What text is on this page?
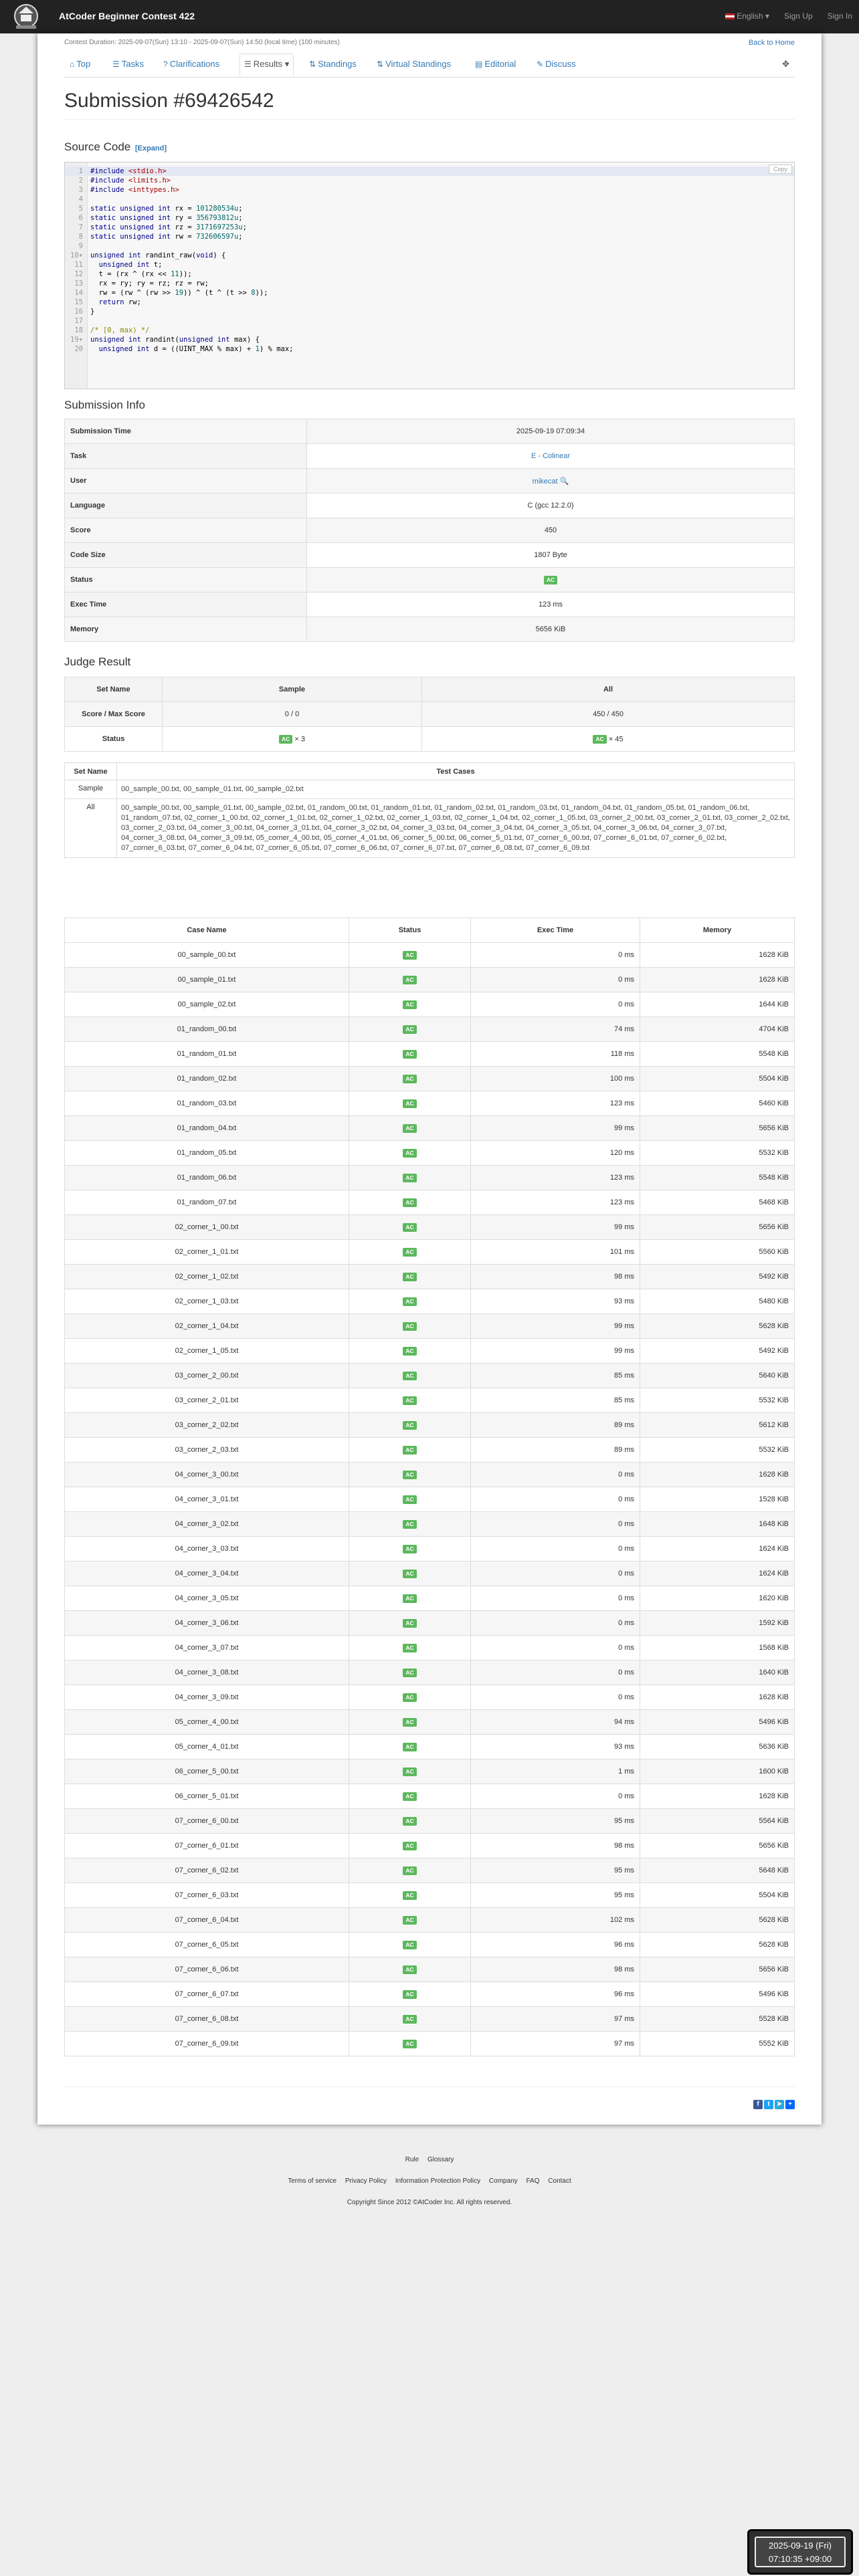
AtCoder Beginner Contest 422	English ▾ Sign Up Sign In
Contest Duration: 2025-09-07(Sun) 13:10 - 2025-09-07(Sun) 14:50 (local time) (100 minutes)	Back to Home
⌂ Top	☰ Tasks ? Clarifications	☰ Results ▾	⇅ Standings	⇅ Virtual Standings	▤ Editorial	✎ Discuss	✥
Submission #69426542
Source Code [Expand]
1 #include <stdio.h>
2 #include <limits.h>
3 #include <inttypes.h>
4
5 static unsigned int rx = 101280534u;
6 static unsigned int ry = 356793812u;
7 static unsigned int rz = 3171697253u;
8 static unsigned int rw = 732606597u;
9
10▾ unsigned int randint_raw(void) {
11	unsigned int t;
12 t = (rx ^ (rx << 11));
13 rx = ry; ry = rz; rz = rw;
14 rw = (rw ^ (rw >> 19)) ^ (t ^ (t >> 8));
15	return rw;
16 }
17
18 /* [0, max) */
19▾ unsigned int randint(unsigned int max) {
20	unsigned int d = ((UINT_MAX % max) + 1) % max;
Copy
Submission Info
Submission Time	2025-09-19 07:09:34
Task	E - Colinear
User	mikecat 🔍
Language	C (gcc 12.2.0)
Score	450
Code Size	1807 Byte
Status	AC
Exec Time	123 ms
Memory	5656 KiB
Judge Result
Set Name	Sample	All
Score / Max Score	0 / 0	450 / 450
Status	AC × 3	AC × 45
Set Name	Test Cases
Sample	00_sample_00.txt, 00_sample_01.txt, 00_sample_02.txt
All	00_sample_00.txt, 00_sample_01.txt, 00_sample_02.txt, 01_random_00.txt, 01_random_01.txt, 01_random_02.txt, 01_random_03.txt, 01_random_04.txt, 01_random_05.txt, 01_random_06.txt, 01_random_07.txt, 02_corner_1_00.txt, 02_corner_1_01.txt, 02_corner_1_02.txt, 02_corner_1_03.txt, 02_corner_1_04.txt, 02_corner_1_05.txt, 03_corner_2_00.txt, 03_corner_2_01.txt, 03_corner_2_02.txt, 03_corner_2_03.txt, 04_corner_3_00.txt, 04_corner_3_01.txt, 04_corner_3_02.txt, 04_corner_3_03.txt, 04_corner_3_04.txt, 04_corner_3_05.txt, 04_corner_3_06.txt, 04_corner_3_07.txt, 04_corner_3_08.txt, 04_corner_3_09.txt, 05_corner_4_00.txt, 05_corner_4_01.txt, 06_corner_5_00.txt, 06_corner_5_01.txt, 07_corner_6_00.txt, 07_corner_6_01.txt, 07_corner_6_02.txt, 07_corner_6_03.txt, 07_corner_6_04.txt, 07_corner_6_05.txt, 07_corner_6_06.txt, 07_corner_6_07.txt, 07_corner_6_08.txt, 07_corner_6_09.txt
Case Name	Status	Exec Time	Memory
00_sample_00.txt	AC	0 ms	1628 KiB
00_sample_01.txt	AC	0 ms	1628 KiB
00_sample_02.txt	AC	0 ms	1644 KiB
01_random_00.txt	AC	74 ms	4704 KiB
01_random_01.txt	AC	118 ms	5548 KiB
01_random_02.txt	AC	100 ms	5504 KiB
01_random_03.txt	AC	123 ms	5460 KiB
01_random_04.txt	AC	99 ms	5656 KiB
01_random_05.txt	AC	120 ms	5532 KiB
01_random_06.txt	AC	123 ms	5548 KiB
01_random_07.txt	AC	123 ms	5468 KiB
02_corner_1_00.txt	AC	99 ms	5656 KiB
02_corner_1_01.txt	AC	101 ms	5560 KiB
02_corner_1_02.txt	AC	98 ms	5492 KiB
02_corner_1_03.txt	AC	93 ms	5480 KiB
02_corner_1_04.txt	AC	99 ms	5628 KiB
02_corner_1_05.txt	AC	99 ms	5492 KiB
03_corner_2_00.txt	AC	85 ms	5640 KiB
03_corner_2_01.txt	AC	85 ms	5532 KiB
03_corner_2_02.txt	AC	89 ms	5612 KiB
03_corner_2_03.txt	AC	89 ms	5532 KiB
04_corner_3_00.txt	AC	0 ms	1628 KiB
04_corner_3_01.txt	AC	0 ms	1528 KiB
04_corner_3_02.txt	AC	0 ms	1648 KiB
04_corner_3_03.txt	AC	0 ms	1624 KiB
04_corner_3_04.txt	AC	0 ms	1624 KiB
04_corner_3_05.txt	AC	0 ms	1620 KiB
04_corner_3_06.txt	AC	0 ms	1592 KiB
04_corner_3_07.txt	AC	0 ms	1568 KiB
04_corner_3_08.txt	AC	0 ms	1640 KiB
04_corner_3_09.txt	AC	0 ms	1628 KiB
05_corner_4_00.txt	AC	94 ms	5496 KiB
05_corner_4_01.txt	AC	93 ms	5636 KiB
06_corner_5_00.txt	AC	1 ms	1600 KiB
06_corner_5_01.txt	AC	0 ms	1628 KiB
07_corner_6_00.txt	AC	95 ms	5564 KiB
07_corner_6_01.txt	AC	98 ms	5656 KiB
07_corner_6_02.txt	AC	95 ms	5648 KiB
07_corner_6_03.txt	AC	95 ms	5504 KiB
07_corner_6_04.txt	AC	102 ms	5628 KiB
07_corner_6_05.txt	AC	96 ms	5628 KiB
07_corner_6_06.txt	AC	98 ms	5656 KiB
07_corner_6_07.txt	AC	96 ms	5496 KiB
07_corner_6_08.txt	AC	97 ms	5528 KiB
07_corner_6_09.txt	AC	97 ms	5552 KiB
f	t	➤ +
Rule Glossary
Terms of service Privacy Policy Information Protection Policy Company FAQ Contact
Copyright Since 2012 ©AtCoder Inc. All rights reserved.
2025-09-19 (Fri)
07:10:35 +09:00
